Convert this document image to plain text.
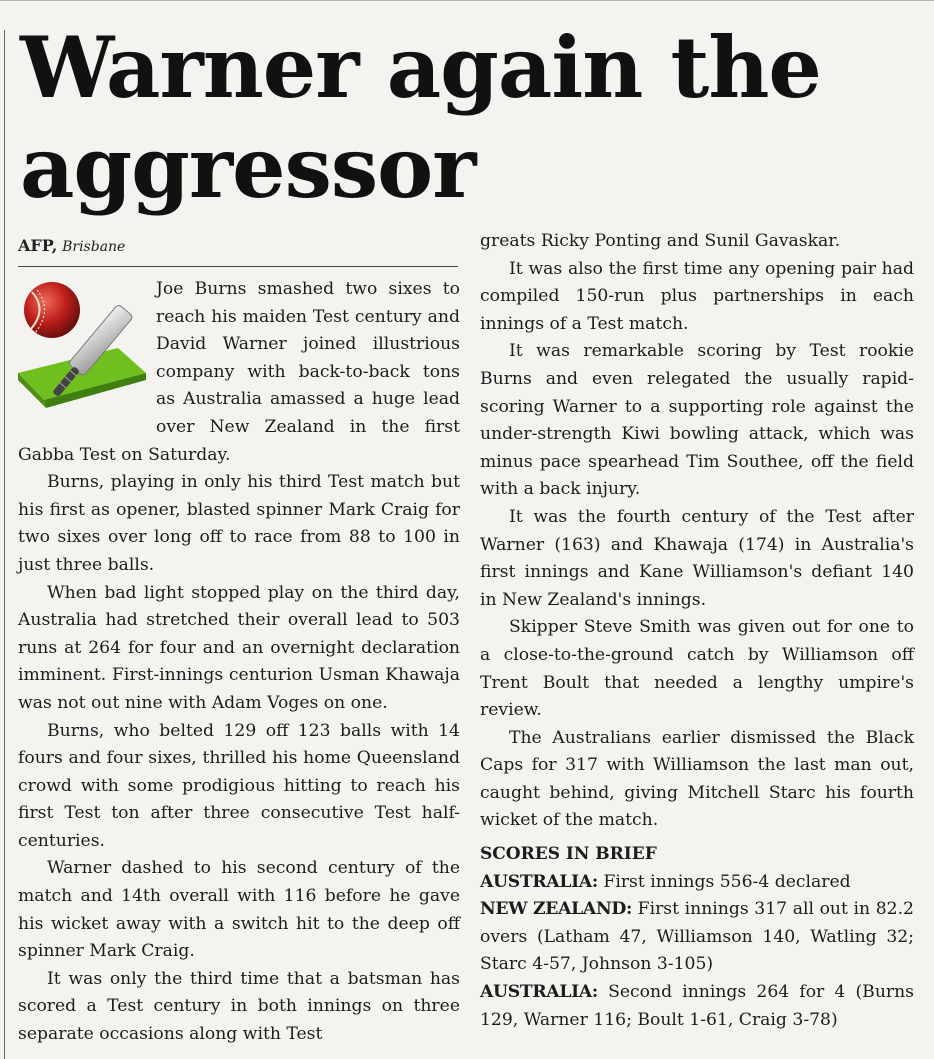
Warner again the
aggressor
AFP, Brisbane

Joe Burns smashed two sixes to reach his maiden Test century and David Warner joined illustrious company with back-to-back tons as Australia amassed a huge lead over New Zealand in the first Gabba Test on Saturday.

Burns, playing in only his third Test match but his first as opener, blasted spinner Mark Craig for two sixes over long off to race from 88 to 100 in just three balls.

When bad light stopped play on the third day, Australia had stretched their overall lead to 503 runs at 264 for four and an overnight declaration imminent. First-innings centurion Usman Khawaja was not out nine with Adam Voges on one.

Burns, who belted 129 off 123 balls with 14 fours and four sixes, thrilled his home Queensland crowd with some prodigious hitting to reach his first Test ton after three consecutive Test half-centuries.

Warner dashed to his second century of the match and 14th overall with 116 before he gave his wicket away with a switch hit to the deep off spinner Mark Craig.

It was only the third time that a batsman has scored a Test century in both innings on three separate occasions along with Test

greats Ricky Ponting and Sunil Gavaskar.

It was also the first time any opening pair had compiled 150-run plus partnerships in each innings of a Test match.

It was remarkable scoring by Test rookie Burns and even relegated the usually rapid-scoring Warner to a supporting role against the under-strength Kiwi bowling attack, which was minus pace spearhead Tim Southee, off the field with a back injury.

It was the fourth century of the Test after Warner (163) and Khawaja (174) in Australia's first innings and Kane Williamson's defiant 140 in New Zealand's innings.

Skipper Steve Smith was given out for one to a close-to-the-ground catch by Williamson off Trent Boult that needed a lengthy umpire's review.

The Australians earlier dismissed the Black Caps for 317 with Williamson the last man out, caught behind, giving Mitchell Starc his fourth wicket of the match.

SCORES IN BRIEF

AUSTRALIA: First innings 556-4 declared

NEW ZEALAND: First innings 317 all out in 82.2 overs (Latham 47, Williamson 140, Watling 32; Starc 4-57, Johnson 3-105)

AUSTRALIA: Second innings 264 for 4 (Burns 129, Warner 116; Boult 1-61, Craig 3-78)
